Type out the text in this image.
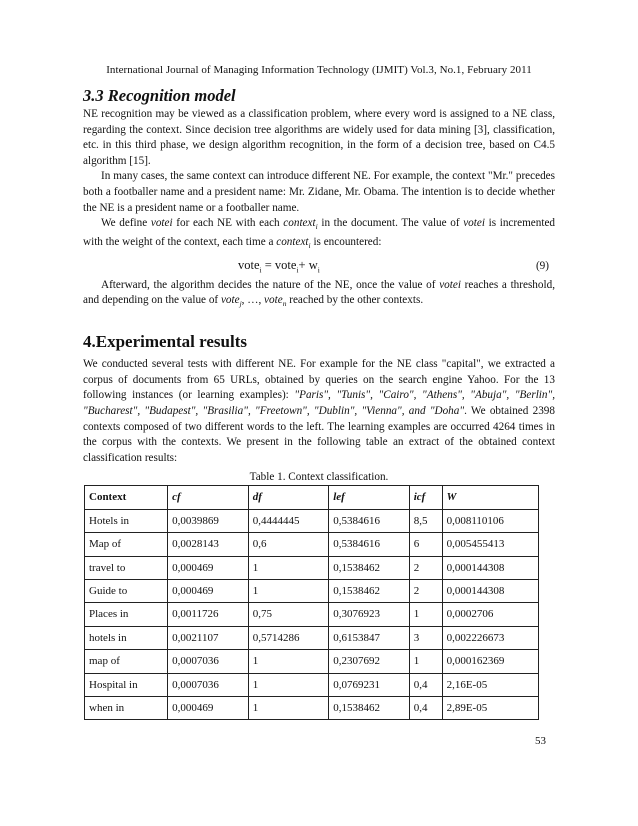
International Journal of Managing Information Technology (IJMIT) Vol.3, No.1, February 2011
3.3 Recognition model

NE recognition may be viewed as a classification problem, where every word is assigned to a NE class, regarding the context. Since decision tree algorithms are widely used for data mining [3], classification, etc. in this third phase, we design algorithm recognition, in the form of a decision tree, based on C4.5 algorithm [15].

In many cases, the same context can introduce different NE. For example, the context "Mr." precedes both a footballer name and a president name: Mr. Zidane, Mr. Obama. The intention is to decide whether the NE is a president name or a footballer name.

We define votei for each NE with each context$_i$ in the document. The value of votei is incremented with the weight of the context, each time a context$_i$ is encountered:

vote$_i$ = vote$_i$+ $w_i$	(9)

Afterward, the algorithm decides the nature of the NE, once the value of votei reaches a threshold, and depending on the value of vote$_j$, …, vote$_n$ reached by the other contexts.

4.Experimental results

We conducted several tests with different NE. For example for the NE class "capital", we extracted a corpus of documents from 65 URLs, obtained by queries on the search engine Yahoo. For the 13 following instances (or learning examples): "Paris", "Tunis", "Cairo", "Athens", "Abuja", "Berlin", "Bucharest", "Budapest", "Brasilia", "Freetown", "Dublin", "Vienna", and "Doha". We obtained 2398 contexts composed of two different words to the left. The learning examples are occurred 4264 times in the corpus with the contexts. We present in the following table an extract of the obtained context classification results:

Table 1. Context classification.
Context	cf	df	lef	icf	W
Hotels in	0,0039869	0,4444445	0,5384616	8,5	0,008110106
Map of	0,0028143	0,6	0,5384616	6	0,005455413
travel to	0,000469	1	0,1538462	2	0,000144308
Guide to	0,000469	1	0,1538462	2	0,000144308
Places in	0,0011726	0,75	0,3076923	1	0,0002706
hotels in	0,0021107	0,5714286	0,6153847	3	0,002226673
map of	0,0007036	1	0,2307692	1	0,000162369
Hospital in	0,0007036	1	0,0769231	0,4	2,16E-05
when in	0,000469	1	0,1538462	0,4	2,89E-05
53
